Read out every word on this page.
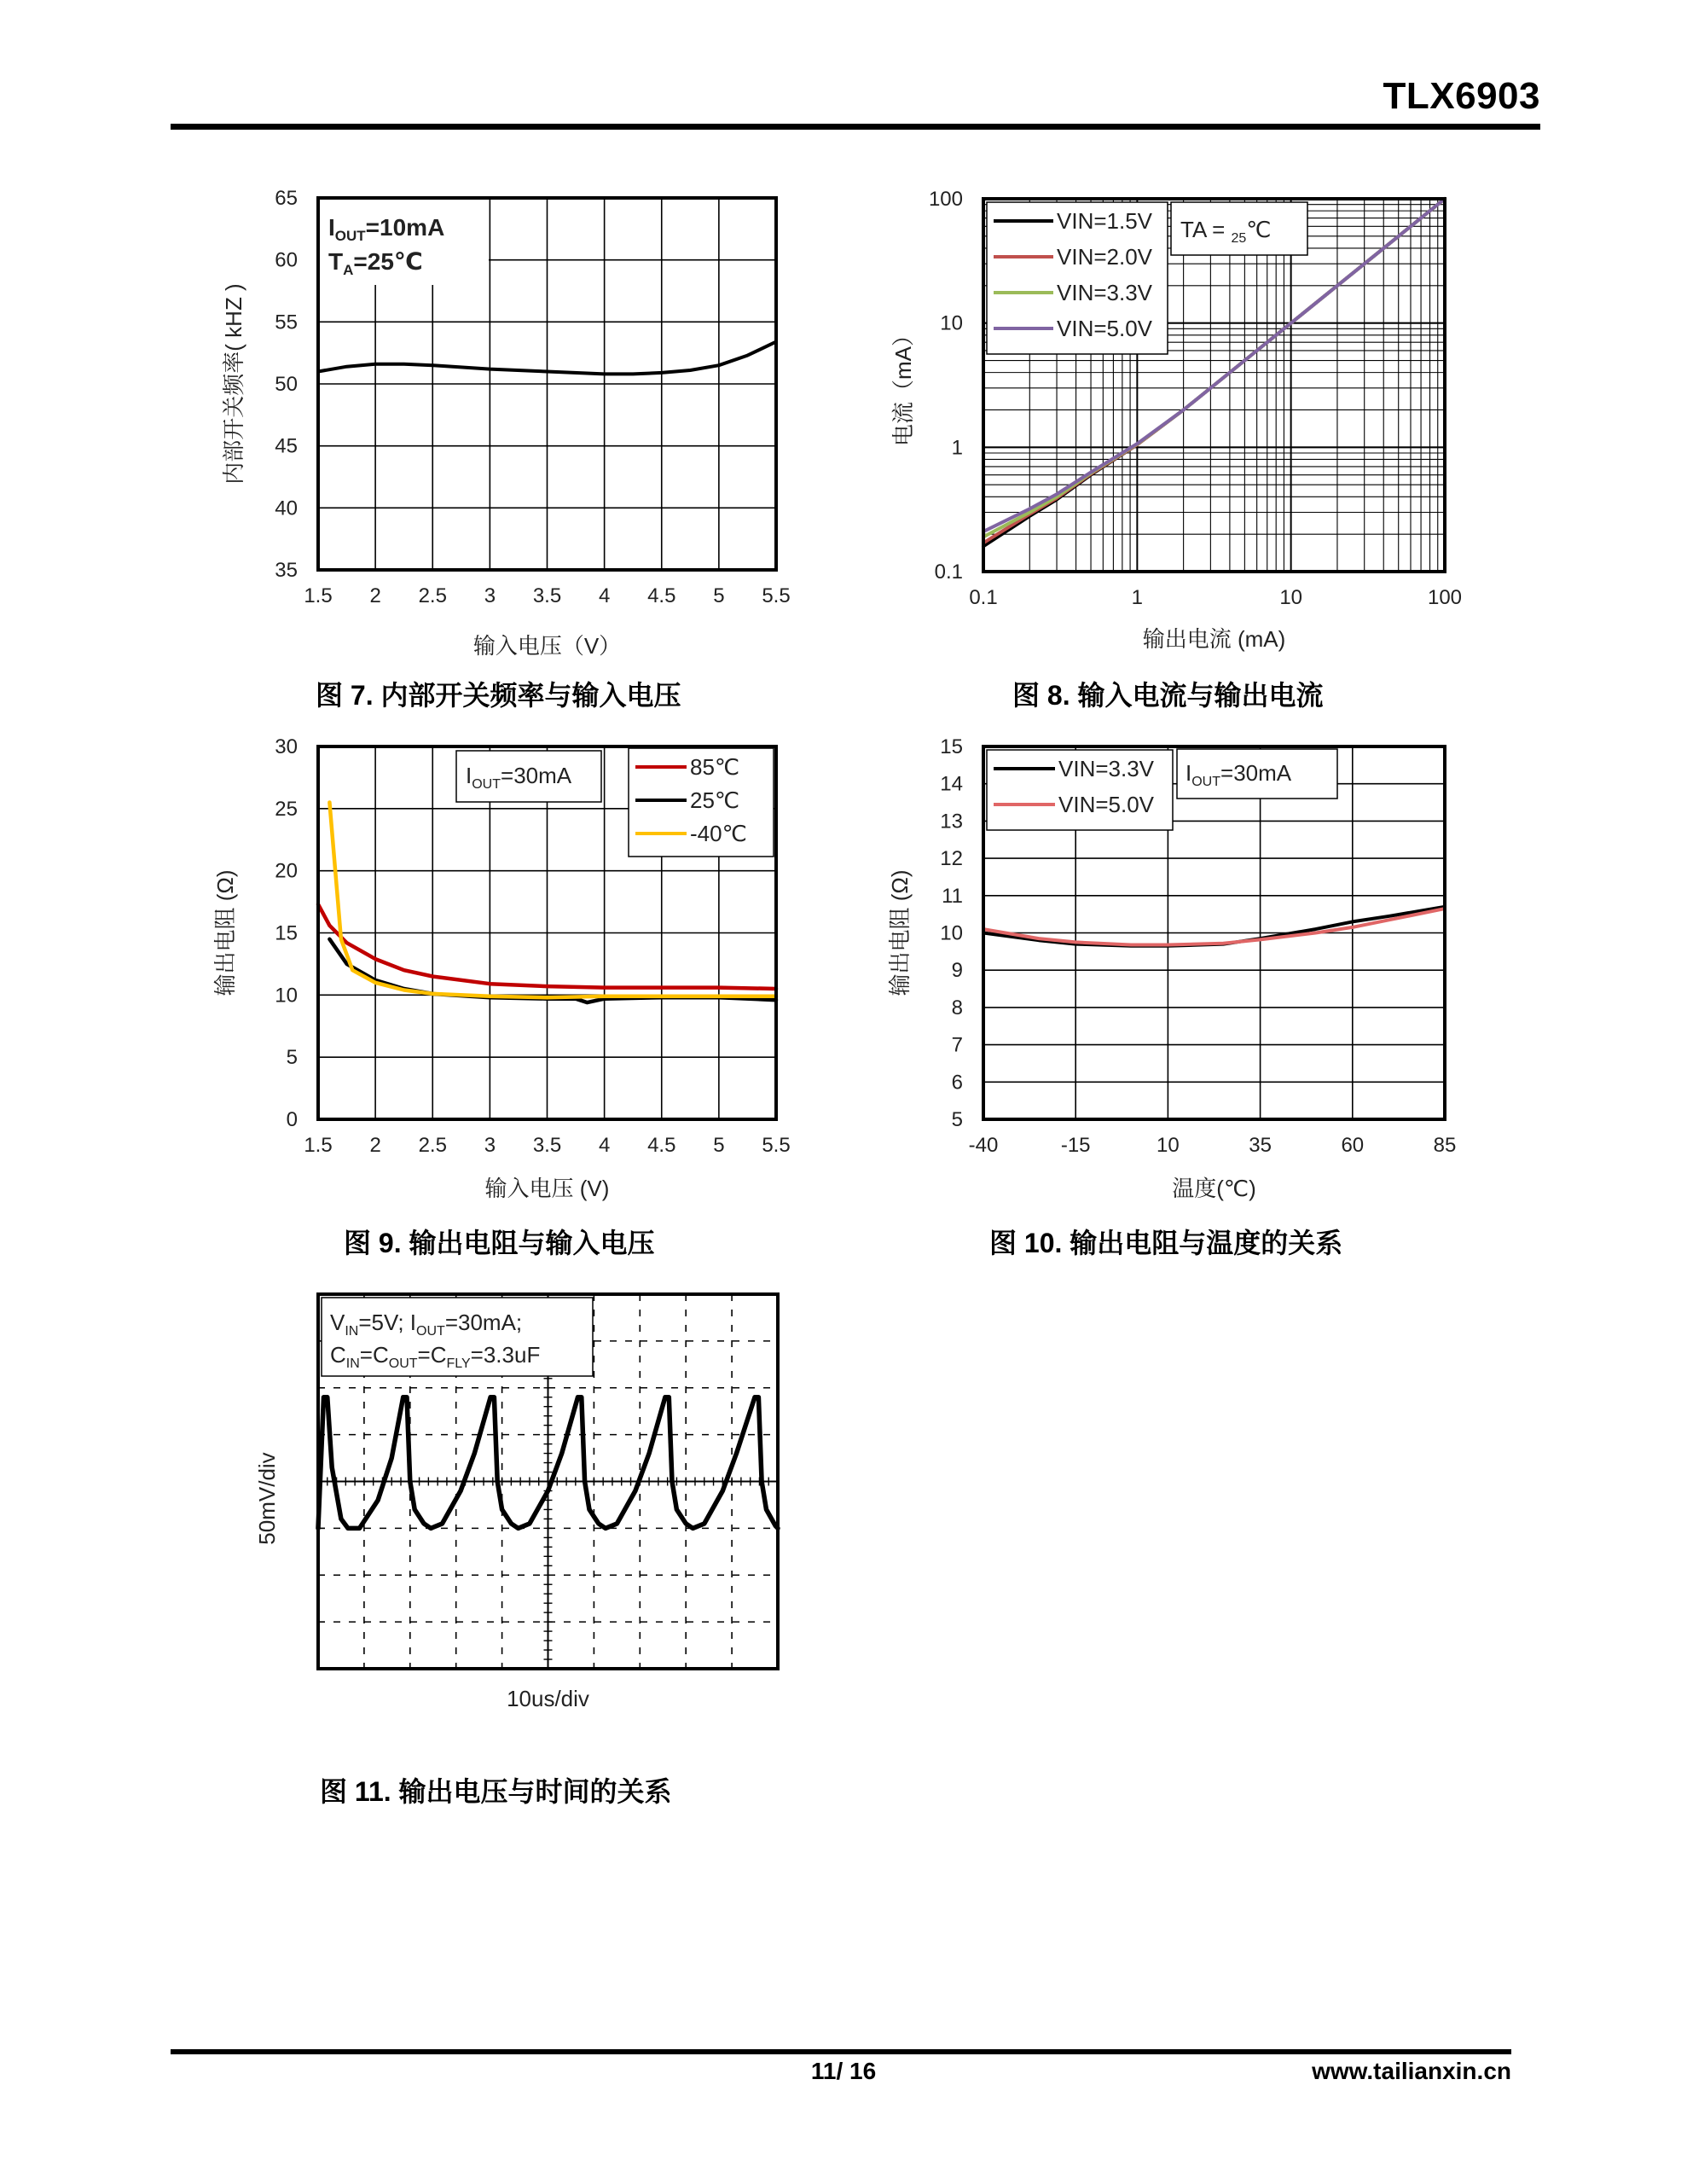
TLX6903
11/ 16	www.tailianxin.cn
$I_{OUT}=10mA$
$T_A=25℃$
1.5 2 2.5 3 3.5 4 4.5 5 5.5
35
40
45
50
55
60
65
输入电压（V）
内部开关频率( kHZ )
VIN=1.5V
VIN=2.0V
VIN=3.3V
VIN=5.0V
TA = $_{25}$℃
0.1	1	10	100
0.1
1
10
100
输出电流 (mA)
电流（mA）
$I_{OUT}=30mA$	85℃
25℃
-40℃
1.5 2 2.5 3 3.5 4 4.5 5 5.5
0
5
10
15
20
25
30
输入电压 (V)
输出电阻 (Ω)
VIN=3.3V
VIN=5.0V
$I_{OUT}=30mA$
-40	-15	10	35	60	85
5
6
7
8
9
10
11
12
13
14
15
温度(℃)
输出电阻 (Ω)
$V_{IN}=5V$; $I_{OUT}=30mA$;
$C_{IN}=C_{OUT}=C_{FLY}=3.3uF$
10us/div
50mV/div
图 7. 内部开关频率与输入电压	图 8. 输入电流与输出电流
图 9. 输出电阻与输入电压	图 10. 输出电阻与温度的关系
图 11. 输出电压与时间的关系
